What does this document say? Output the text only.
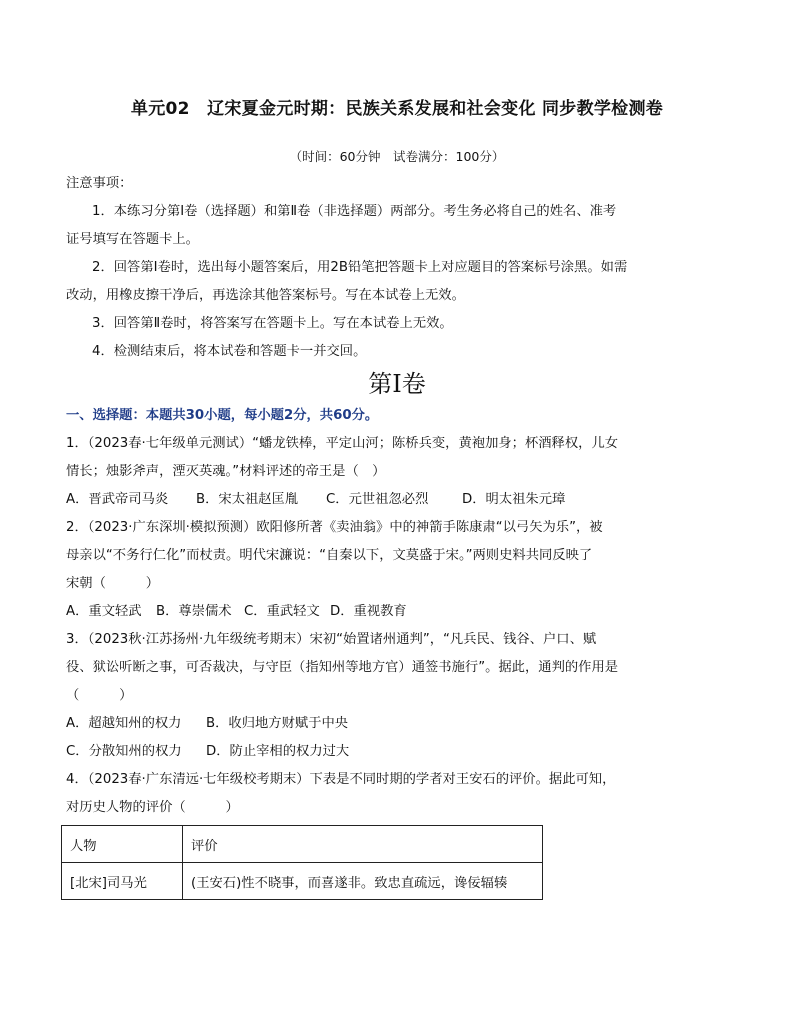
单元02　辽宋夏金元时期：民族关系发展和社会变化 同步教学检测卷
（时间：60分钟　试卷满分：100分）
注意事项：
1．本练习分第Ⅰ卷（选择题）和第Ⅱ卷（非选择题）两部分。考生务必将自己的姓名、准考
证号填写在答题卡上。
2．回答第Ⅰ卷时，选出每小题答案后，用2B铅笔把答题卡上对应题目的答案标号涂黑。如需
改动，用橡皮擦干净后，再选涂其他答案标号。写在本试卷上无效。
3．回答第Ⅱ卷时，将答案写在答题卡上。写在本试卷上无效。
4．检测结束后，将本试卷和答题卡一并交回。
第Ⅰ卷
一、选择题：本题共30小题，每小题2分，共60分。
1．（2023春·七年级单元测试）“蟠龙铁棒，平定山河；陈桥兵变，黄袍加身；杯酒释权，儿女
情长；烛影斧声，湮灭英魂。”材料评述的帝王是（　）
A．晋武帝司马炎 B．宋太祖赵匡胤 C．元世祖忽必烈	D．明太祖朱元璋
2．（2023·广东深圳·模拟预测）欧阳修所著《卖油翁》中的神箭手陈康肃“以弓矢为乐”，被
母亲以“不务行仁化”而杖责。明代宋濂说：“自秦以下，文莫盛于宋。”两则史料共同反映了
宋朝（　　　）
A．重文轻武 B．尊崇儒术 C．重武轻文 D．重视教育
3．（2023秋·江苏扬州·九年级统考期末）宋初“始置诸州通判”，“凡兵民、钱谷、户口、赋
役、狱讼听断之事，可否裁决，与守臣（指知州等地方官）通签书施行”。据此，通判的作用是
（　　　）
A．超越知州的权力 B．收归地方财赋于中央
C．分散知州的权力 D．防止宰相的权力过大
4．（2023春·广东清远·七年级校考期末）下表是不同时期的学者对王安石的评价。据此可知，
对历史人物的评价（　　　）
人物	评价
[北宋]司马光	(王安石)性不晓事，而喜遂非。致忠直疏远，谗佞辐辏
